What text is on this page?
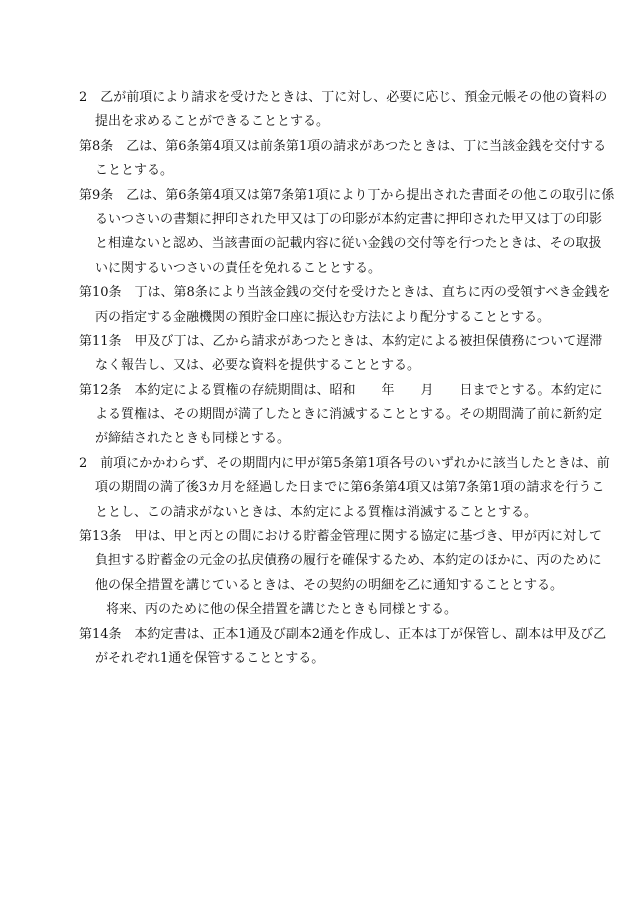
2　乙が前項により請求を受けたときは、丁に対し、必要に応じ、預金元帳その他の資料の
提出を求めることができることとする。
第8条　乙は、第6条第4項又は前条第1項の請求があつたときは、丁に当該金銭を交付する
こととする。
第9条　乙は、第6条第4項又は第7条第1項により丁から提出された書面その他この取引に係
るいつさいの書類に押印された甲又は丁の印影が本約定書に押印された甲又は丁の印影
と相違ないと認め、当該書面の記載内容に従い金銭の交付等を行つたときは、その取扱
いに関するいつさいの責任を免れることとする。
第10条　丁は、第8条により当該金銭の交付を受けたときは、直ちに丙の受領すべき金銭を
丙の指定する金融機関の預貯金口座に振込む方法により配分することとする。
第11条　甲及び丁は、乙から請求があつたときは、本約定による被担保債務について遅滞
なく報告し、又は、必要な資料を提供することとする。
第12条　本約定による質権の存続期間は、昭和　　年　　月　　日までとする。本約定に
よる質権は、その期間が満了したときに消滅することとする。その期間満了前に新約定
が締結されたときも同様とする。
2　前項にかかわらず、その期間内に甲が第5条第1項各号のいずれかに該当したときは、前
項の期間の満了後3カ月を経過した日までに第6条第4項又は第7条第1項の請求を行うこ
ととし、この請求がないときは、本約定による質権は消滅することとする。
第13条　甲は、甲と丙との間における貯蓄金管理に関する協定に基づき、甲が丙に対して
負担する貯蓄金の元金の払戻債務の履行を確保するため、本約定のほかに、丙のために
他の保全措置を講じているときは、その契約の明細を乙に通知することとする。
将来、丙のために他の保全措置を講じたときも同様とする。
第14条　本約定書は、正本1通及び副本2通を作成し、正本は丁が保管し、副本は甲及び乙
がそれぞれ1通を保管することとする。
